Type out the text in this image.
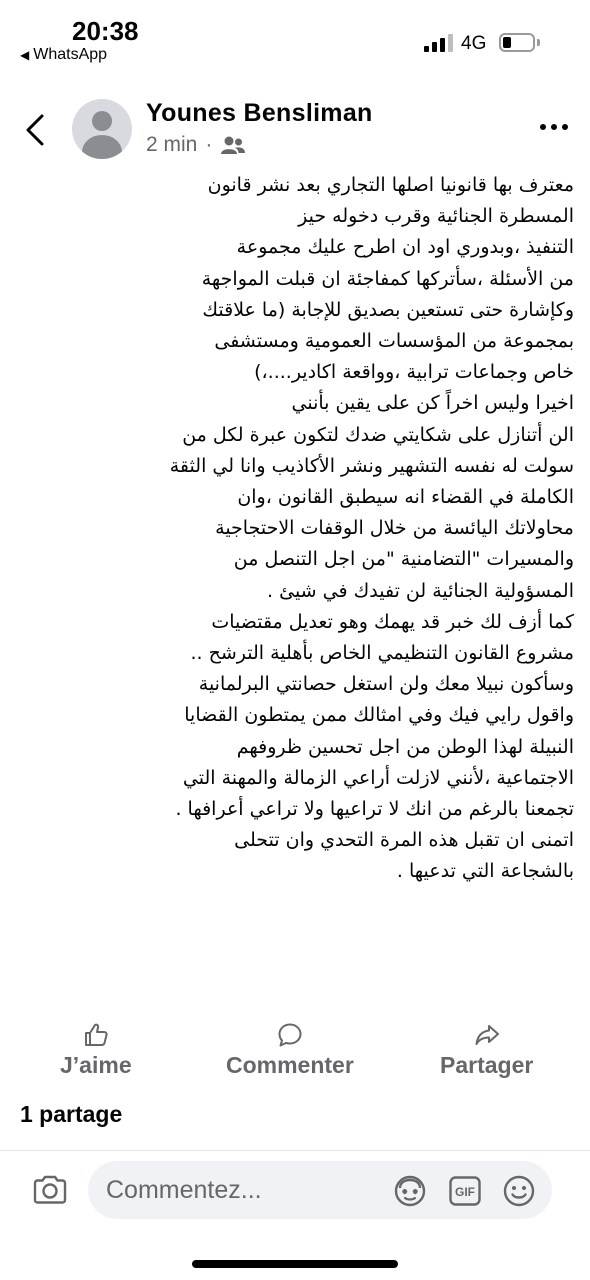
20:38
◀ WhatsApp
4G
Younes Bensliman
2 min ·
معترف بها قانونيا اصلها التجاري بعد نشر قانون
المسطرة الجنائية وقرب دخوله حيز
التنفيذ ،وبدوري اود ان اطرح عليك مجموعة
من الأسئلة ،سأتركها كمفاجئة ان قبلت المواجهة
وكإشارة حتى تستعين بصديق للإجابة (ما علاقتك
بمجموعة من المؤسسات العمومية ومستشفى
خاص وجماعات ترابية ،وواقعة اكادير....،)
اخيرا وليس اخراً كن على يقين بأنني
الن أتنازل على شكايتي ضدك لتكون عبرة لكل من
سولت له نفسه التشهير ونشر الأكاذيب وانا لي الثقة
الكاملة في القضاء انه سيطبق القانون ،وان
محاولاتك اليائسة من خلال الوقفات الاحتجاجية
والمسيرات "التضامنية "من اجل التنصل من
المسؤولية الجنائية لن تفيدك في شيئ .
كما أزف لك خبر قد يهمك وهو تعديل مقتضيات
مشروع القانون التنظيمي الخاص بأهلية الترشح ..
وسأكون نبيلا معك ولن استغل حصانتي البرلمانية
واقول رايي فيك وفي امثالك ممن يمتطون القضايا
النبيلة لهذا الوطن من اجل تحسين ظروفهم
الاجتماعية ،لأنني لازلت أراعي الزمالة والمهنة التي
تجمعنا بالرغم من انك لا تراعيها ولا تراعي أعرافها .
اتمنى ان تقبل هذه المرة التحدي وان تتحلى
بالشجاعة التي تدعيها .
J’aime	Commenter	Partager
1 partage
Commentez...
GIF
